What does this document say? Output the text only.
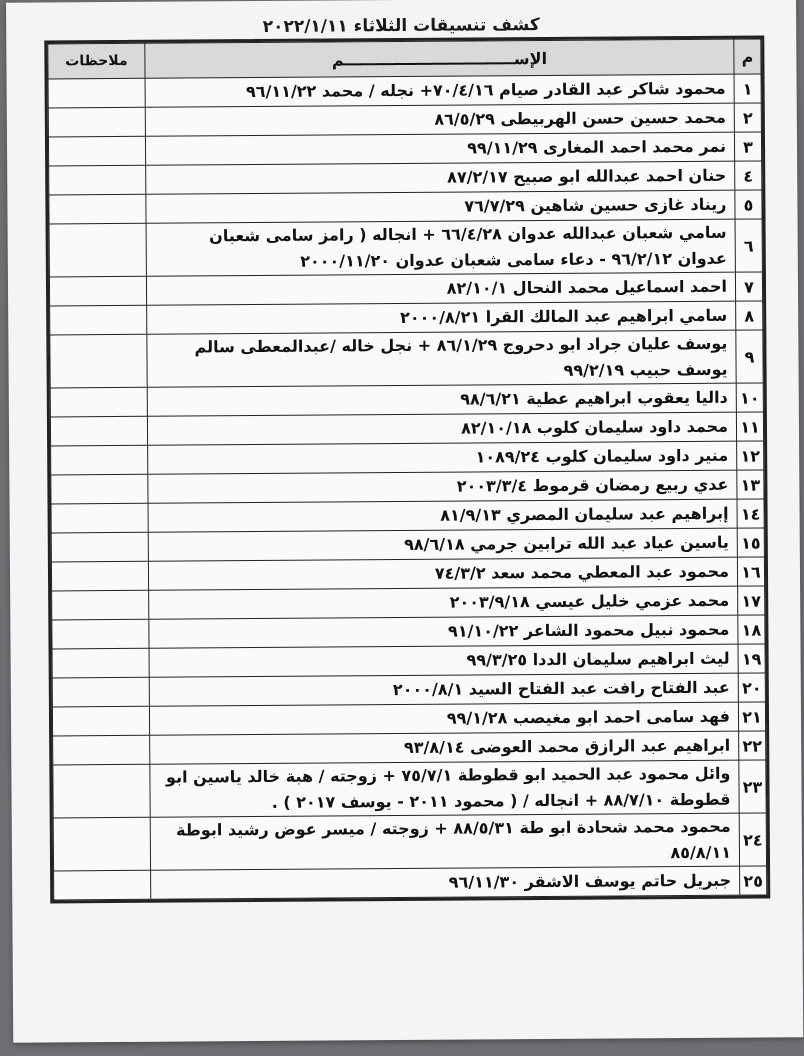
كشف تنسيقات الثلاثاء ٢٠٢٢/١/١١
م	الإســـــــــــــــــــــــــــــــم	ملاحظات
١	محمود شاكر عبد القادر صيام ٧٠/٤/١٦+ نجله / محمد ٩٦/١١/٢٢	
٢	محمد حسين حسن الهربيطى ٨٦/٥/٢٩	
٣	نمر محمد احمد المغارى ٩٩/١١/٢٩	
٤	حنان احمد عبدالله ابو صبيح ٨٧/٢/١٧	
٥	ريناد غازى حسين شاهين ٧٦/٧/٢٩	
٦	سامي شعبان عبدالله عدوان ٦٦/٤/٢٨ + انجاله ( رامز سامى شعبان عدوان ٩٦/٢/١٢ - دعاء سامى شعبان عدوان ٢٠٠٠/١١/٢٠	
٧	احمد اسماعيل محمد النحال ٨٢/١٠/١	
٨	سامي ابراهيم عبد المالك القرا ٢٠٠٠/٨/٢١	
٩	يوسف عليان جراد ابو دحروج ٨٦/١/٢٩ + نجل خاله /عبدالمعطى سالم يوسف حبيب ٩٩/٢/١٩	
١٠	داليا يعقوب ابراهيم عطية ٩٨/٦/٢١	
١١	محمد داود سليمان كلوب ٨٢/١٠/١٨	
١٢	منير داود سليمان كلوب ١٠٨٩/٢٤	
١٣	عدي ربيع رمضان قرموط ٢٠٠٣/٣/٤	
١٤	إبراهيم عبد سليمان المصري ٨١/٩/١٣	
١٥	ياسين عياد عبد الله ترابين جرمي ٩٨/٦/١٨	
١٦	محمود عبد المعطي محمد سعد ٧٤/٣/٢	
١٧	محمد عزمي خليل عيسي ٢٠٠٣/٩/١٨	
١٨	محمود نبيل محمود الشاعر ٩١/١٠/٢٢	
١٩	ليث ابراهيم سليمان الددا ٩٩/٣/٢٥	
٢٠	عبد الفتاح رافت عبد الفتاح السيد ٢٠٠٠/٨/١	
٢١	فهد سامى احمد ابو مغيصب ٩٩/١/٢٨	
٢٢	ابراهيم عبد الرازق محمد العوضى ٩٣/٨/١٤	
٢٣	وائل محمود عبد الحميد ابو قطوطة ٧٥/٧/١ + زوجته / هبة خالد ياسين ابو قطوطة ٨٨/٧/١٠ + انجاله / ( محمود ٢٠١١ - يوسف ٢٠١٧ ) .	
٢٤	محمود محمد شحادة ابو طة ٨٨/٥/٣١ + زوجته / ميسر عوض رشيد ابوطة ٨٥/٨/١١	
٢٥	جبريل حاتم يوسف الاشقر ٩٦/١١/٣٠	
